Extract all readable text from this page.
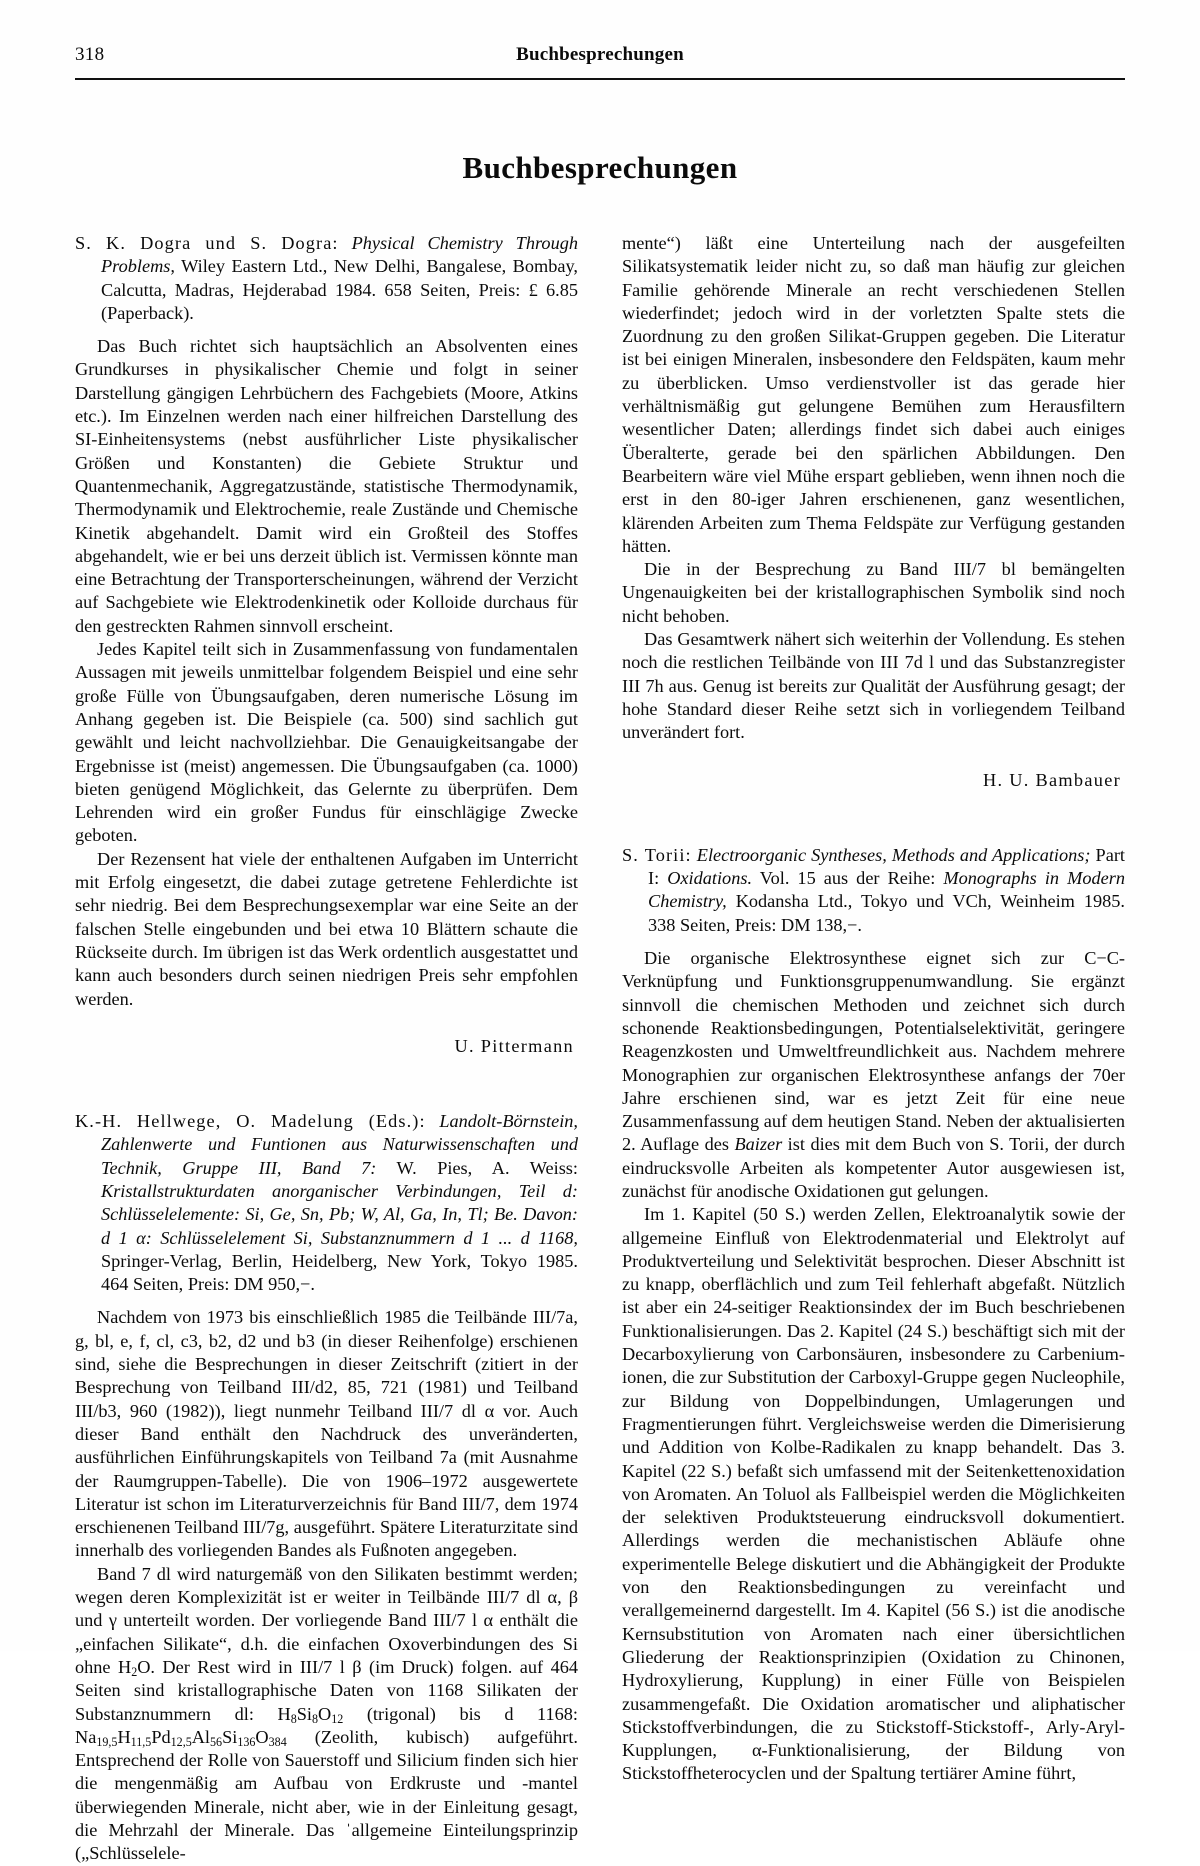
318	Buchbesprechungen
Buchbesprechungen

S. K. Dogra und S. Dogra: Physical Chemistry Through Problems, Wiley Eastern Ltd., New Delhi, Bangalese, Bombay, Calcutta, Madras, Hejderabad 1984. 658 Seiten, Preis: £ 6.85 (Paperback).

Das Buch richtet sich hauptsächlich an Absolventen eines Grundkurses in physikalischer Chemie und folgt in seiner Darstellung gängigen Lehrbüchern des Fachgebiets (Moore, Atkins etc.). Im Einzelnen werden nach einer hilfreichen Darstellung des SI-Einheitensystems (nebst ausführlicher Liste physikalischer Größen und Konstanten) die Gebiete Struktur und Quantenmechanik, Aggregatzustände, statistische Thermodynamik, Thermodynamik und Elektrochemie, reale Zustände und Chemische Kinetik abgehandelt. Damit wird ein Großteil des Stoffes abgehandelt, wie er bei uns derzeit üblich ist. Vermissen könnte man eine Betrachtung der Transporterscheinungen, während der Verzicht auf Sachgebiete wie Elektrodenkinetik oder Kolloide durchaus für den gestreckten Rahmen sinnvoll erscheint.

Jedes Kapitel teilt sich in Zusammenfassung von fundamentalen Aussagen mit jeweils unmittelbar folgendem Beispiel und eine sehr große Fülle von Übungsaufgaben, deren numerische Lösung im Anhang gegeben ist. Die Beispiele (ca. 500) sind sachlich gut gewählt und leicht nachvollziehbar. Die Genauigkeitsangabe der Ergebnisse ist (meist) angemessen. Die Übungsaufgaben (ca. 1000) bieten genügend Möglichkeit, das Gelernte zu überprüfen. Dem Lehrenden wird ein großer Fundus für einschlägige Zwecke geboten.

Der Rezensent hat viele der enthaltenen Aufgaben im Unterricht mit Erfolg eingesetzt, die dabei zutage getretene Fehlerdichte ist sehr niedrig. Bei dem Besprechungsexemplar war eine Seite an der falschen Stelle eingebunden und bei etwa 10 Blättern schaute die Rückseite durch. Im übrigen ist das Werk ordentlich ausgestattet und kann auch besonders durch seinen niedrigen Preis sehr empfohlen werden.

U. Pittermann

K.-H. Hellwege, O. Madelung (Eds.): Landolt-Börnstein, Zahlenwerte und Funtionen aus Naturwissenschaften und Technik, Gruppe III, Band 7: W. Pies, A. Weiss: Kristallstrukturdaten anorganischer Verbindungen, Teil d: Schlüsselelemente: Si, Ge, Sn, Pb; W, Al, Ga, In, Tl; Be. Davon: d 1 α: Schlüsselelement Si, Substanznummern d 1 ... d 1168, Springer-Verlag, Berlin, Heidelberg, New York, Tokyo 1985. 464 Seiten, Preis: DM 950,−.

Nachdem von 1973 bis einschließlich 1985 die Teilbände III/7a, g, bl, e, f, cl, c3, b2, d2 und b3 (in dieser Reihenfolge) erschienen sind, siehe die Besprechungen in dieser Zeitschrift (zitiert in der Besprechung von Teilband III/d2, 85, 721 (1981) und Teilband III/b3, 960 (1982)), liegt nunmehr Teilband III/7 dl α vor. Auch dieser Band enthält den Nachdruck des unveränderten, ausführlichen Einführungskapitels von Teilband 7a (mit Ausnahme der Raumgruppen-Tabelle). Die von 1906–1972 ausgewertete Literatur ist schon im Literaturverzeichnis für Band III/7, dem 1974 erschienenen Teilband III/7g, ausgeführt. Spätere Literaturzitate sind innerhalb des vorliegenden Bandes als Fußnoten angegeben.

Band 7 dl wird naturgemäß von den Silikaten bestimmt werden; wegen deren Komplexizität ist er weiter in Teilbände III/7 dl α, β und γ unterteilt worden. Der vorliegende Band III/7 l α enthält die „einfachen Silikate“, d.h. die einfachen Oxoverbindungen des Si ohne $H_2O$. Der Rest wird in III/7 l β (im Druck) folgen. auf 464 Seiten sind kristallographische Daten von 1168 Silikaten der Substanznummern dl: $H_8Si_8O_{12}$ (trigonal) bis d 1168: $Na_{19,5}H_{11,5}Pd_{12,5}Al_{56}Si_{136}O_{384}$ (Zeolith, kubisch) aufgeführt. Entsprechend der Rolle von Sauerstoff und Silicium finden sich hier die mengenmäßig am Aufbau von Erdkruste und -mantel überwiegenden Minerale, nicht aber, wie in der Einleitung gesagt, die Mehrzahl der Minerale. Das ˈallgemeine Einteilungsprinzip („Schlüsselele-

mente“) läßt eine Unterteilung nach der ausgefeilten Silikatsystematik leider nicht zu, so daß man häufig zur gleichen Familie gehörende Minerale an recht verschiedenen Stellen wiederfindet; jedoch wird in der vorletzten Spalte stets die Zuordnung zu den großen Silikat-Gruppen gegeben. Die Literatur ist bei einigen Mineralen, insbesondere den Feldspäten, kaum mehr zu überblicken. Umso verdienstvoller ist das gerade hier verhältnismäßig gut gelungene Bemühen zum Herausfiltern wesentlicher Daten; allerdings findet sich dabei auch einiges Überalterte, gerade bei den spärlichen Abbildungen. Den Bearbeitern wäre viel Mühe erspart geblieben, wenn ihnen noch die erst in den 80-iger Jahren erschienenen, ganz wesentlichen, klärenden Arbeiten zum Thema Feldspäte zur Verfügung gestanden hätten.

Die in der Besprechung zu Band III/7 bl bemängelten Ungenauigkeiten bei der kristallographischen Symbolik sind noch nicht behoben.

Das Gesamtwerk nähert sich weiterhin der Vollendung. Es stehen noch die restlichen Teilbände von III 7d l und das Substanzregister III 7h aus. Genug ist bereits zur Qualität der Ausführung gesagt; der hohe Standard dieser Reihe setzt sich in vorliegendem Teilband unverändert fort.

H. U. Bambauer

S. Torii: Electroorganic Syntheses, Methods and Applications; Part I: Oxidations. Vol. 15 aus der Reihe: Monographs in Modern Chemistry, Kodansha Ltd., Tokyo und VCh, Weinheim 1985. 338 Seiten, Preis: DM 138,−.

Die organische Elektrosynthese eignet sich zur C−C-Verknüpfung und Funktionsgruppenumwandlung. Sie ergänzt sinnvoll die chemischen Methoden und zeichnet sich durch schonende Reaktionsbedingungen, Potentialselektivität, geringere Reagenzkosten und Umweltfreundlichkeit aus. Nachdem mehrere Monographien zur organischen Elektrosynthese anfangs der 70er Jahre erschienen sind, war es jetzt Zeit für eine neue Zusammenfassung auf dem heutigen Stand. Neben der aktualisierten 2. Auflage des Baizer ist dies mit dem Buch von S. Torii, der durch eindrucksvolle Arbeiten als kompetenter Autor ausgewiesen ist, zunächst für anodische Oxidationen gut gelungen.

Im 1. Kapitel (50 S.) werden Zellen, Elektroanalytik sowie der allgemeine Einfluß von Elektrodenmaterial und Elektrolyt auf Produktverteilung und Selektivität besprochen. Dieser Abschnitt ist zu knapp, oberflächlich und zum Teil fehlerhaft abgefaßt. Nützlich ist aber ein 24-seitiger Reaktionsindex der im Buch beschriebenen Funktionalisierungen. Das 2. Kapitel (24 S.) beschäftigt sich mit der Decarboxylierung von Carbonsäuren, insbesondere zu Carbenium-ionen, die zur Substitution der Carboxyl-Gruppe gegen Nucleophile, zur Bildung von Doppelbindungen, Umlagerungen und Fragmentierungen führt. Vergleichsweise werden die Dimerisierung und Addition von Kolbe-Radikalen zu knapp behandelt. Das 3. Kapitel (22 S.) befaßt sich umfassend mit der Seitenkettenoxidation von Aromaten. An Toluol als Fallbeispiel werden die Möglichkeiten der selektiven Produktsteuerung eindrucksvoll dokumentiert. Allerdings werden die mechanistischen Abläufe ohne experimentelle Belege diskutiert und die Abhängigkeit der Produkte von den Reaktionsbedingungen zu vereinfacht und verallgemeinernd dargestellt. Im 4. Kapitel (56 S.) ist die anodische Kernsubstitution von Aromaten nach einer übersichtlichen Gliederung der Reaktionsprinzipien (Oxidation zu Chinonen, Hydroxylierung, Kupplung) in einer Fülle von Beispielen zusammengefaßt. Die Oxidation aromatischer und aliphatischer Stickstoffverbindungen, die zu Stickstoff-Stickstoff-, Arly-Aryl-Kupplungen, α-Funktionalisierung, der Bildung von Stickstoffheterocyclen und der Spaltung tertiärer Amine führt,
